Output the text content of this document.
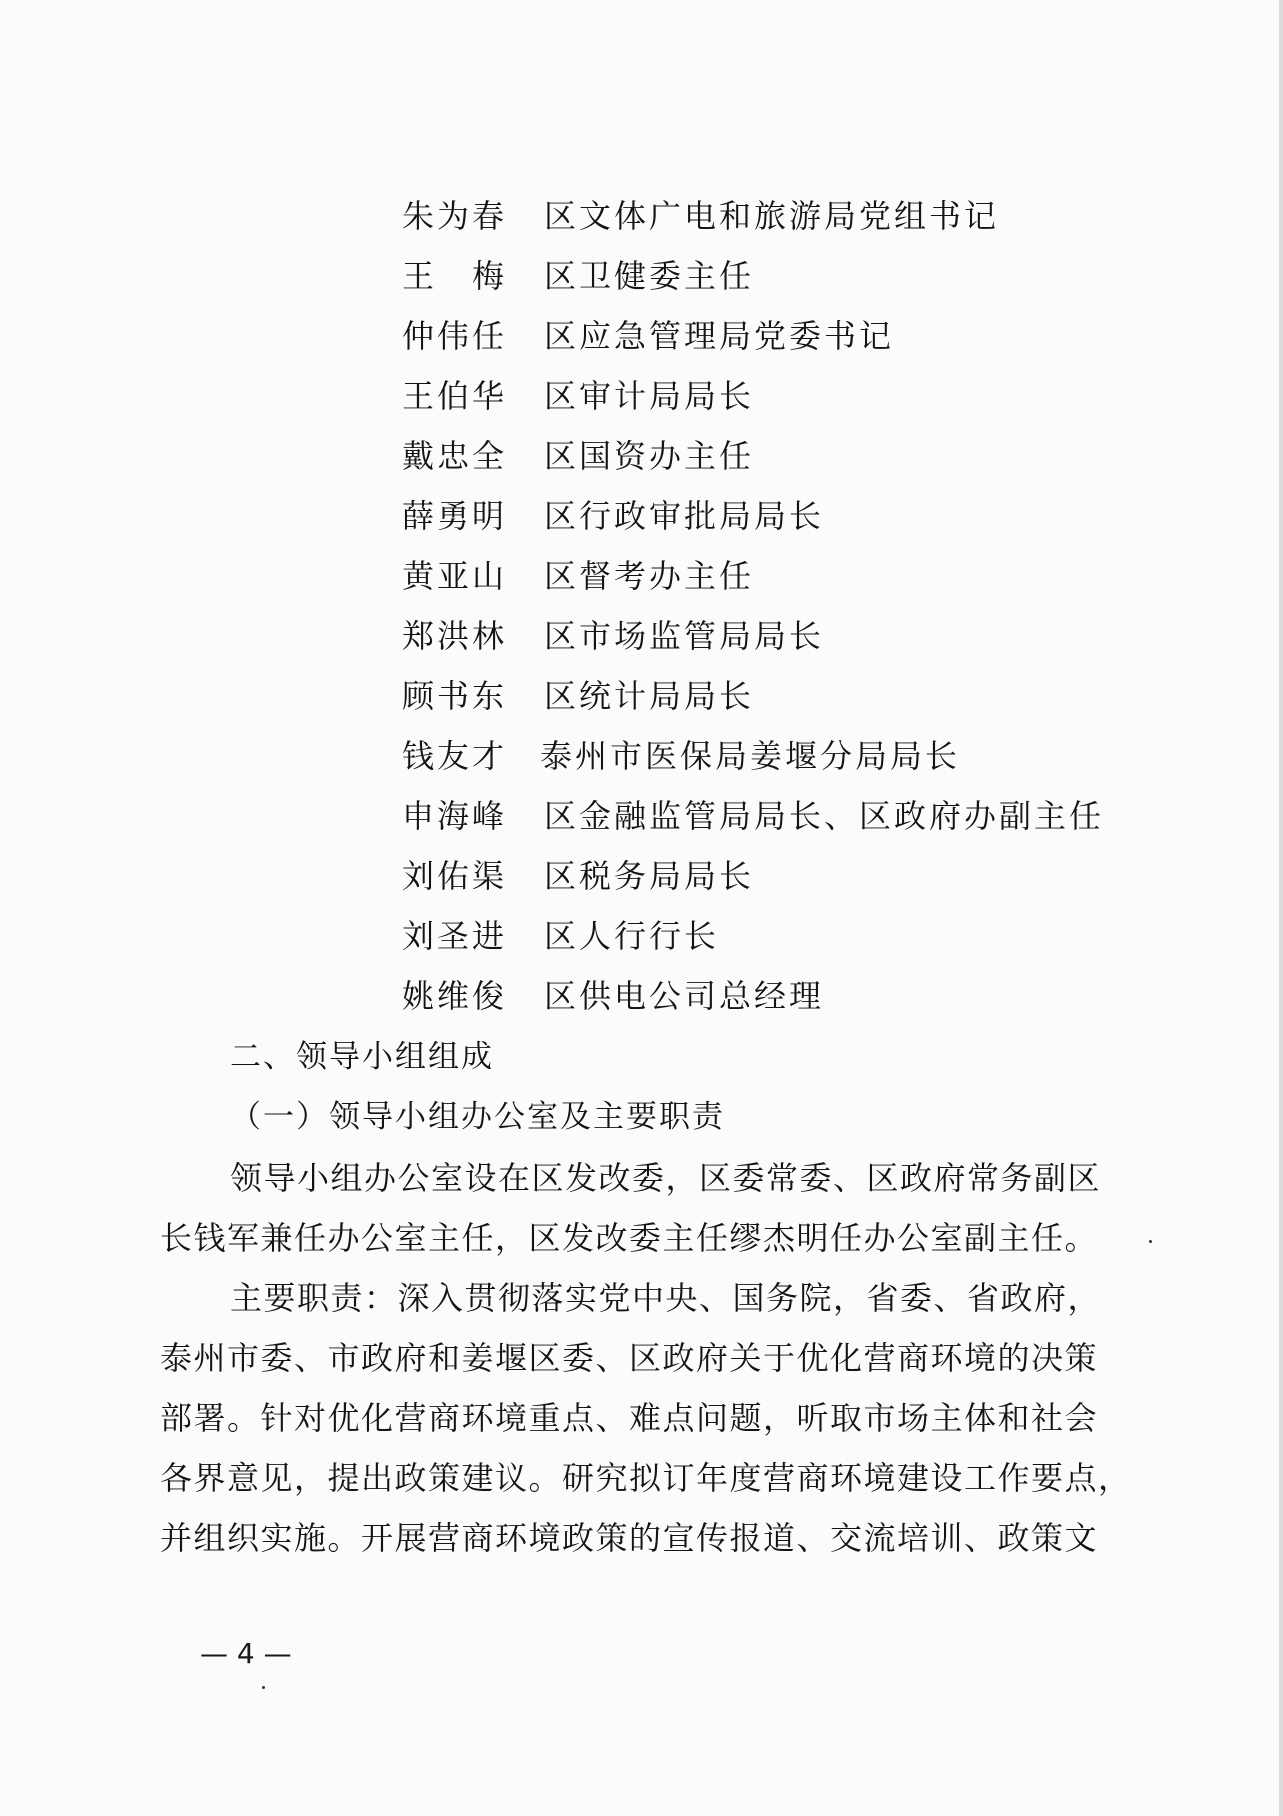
朱为春 区文体广电和旅游局党组书记
王　梅 区卫健委主任
仲伟任 区应急管理局党委书记
王伯华 区审计局局长
戴忠全 区国资办主任
薛勇明 区行政审批局局长
黄亚山 区督考办主任
郑洪林 区市场监管局局长
顾书东 区统计局局长
钱友才 泰州市医保局姜堰分局局长
申海峰 区金融监管局局长、区政府办副主任
刘佑渠 区税务局局长
刘圣进 区人行行长
姚维俊 区供电公司总经理
二、领导小组组成
（一）领导小组办公室及主要职责
领导小组办公室设在区发改委，区委常委、区政府常务副区
长钱军兼任办公室主任，区发改委主任缪杰明任办公室副主任。
主要职责：深入贯彻落实党中央、国务院，省委、省政府，
泰州市委、市政府和姜堰区委、区政府关于优化营商环境的决策
部署。针对优化营商环境重点、难点问题，听取市场主体和社会
各界意见，提出政策建议。研究拟订年度营商环境建设工作要点，
并组织实施。开展营商环境政策的宣传报道、交流培训、政策文
— 4 —
